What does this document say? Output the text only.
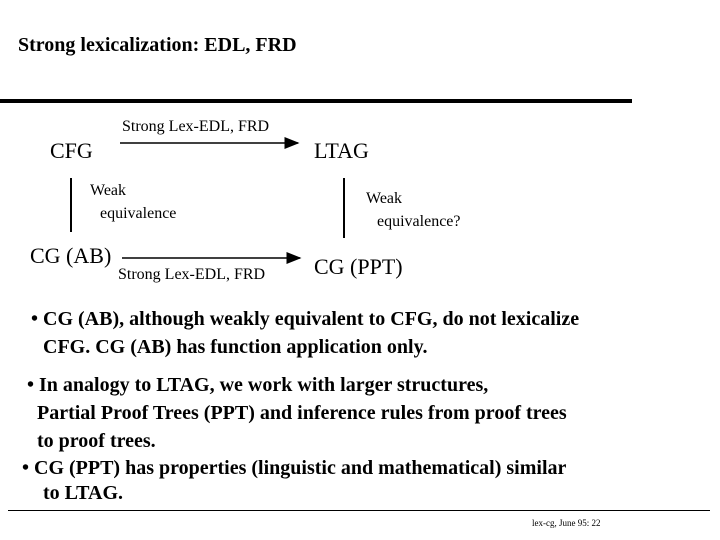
Strong lexicalization: EDL, FRD
CFG	LTAG
CG (AB)	CG (PPT)
Strong Lex-EDL, FRD
Strong Lex-EDL, FRD
Weak
equivalence
Weak
equivalence?
• CG (AB), although weakly equivalent to CFG, do not lexicalize
CFG. CG (AB) has function application only.
• In analogy to LTAG, we work with larger structures,
Partial Proof Trees (PPT) and inference rules from proof trees
to proof trees.
• CG (PPT) has properties (linguistic and mathematical) similar
to LTAG.
lex-cg, June 95: 22
